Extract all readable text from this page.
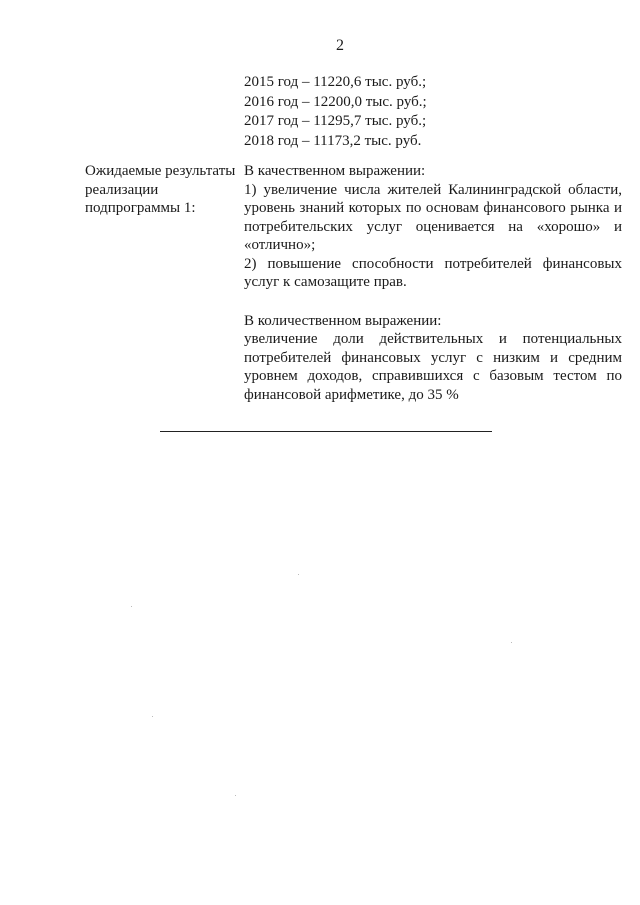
2
2015 год – 11220,6 тыс. руб.;
2016 год – 12200,0 тыс. руб.;
2017 год – 11295,7 тыс. руб.;
2018 год – 11173,2 тыс. руб.
Ожидаемые результаты реализации подпрограммы 1:

В качественном выражении:

1) увеличение числа жителей Калининградской области, уровень знаний которых по основам финансового рынка и потребительских услуг оценивается на «хорошо» и «отлично»;

2) повышение способности потребителей финансовых услуг к самозащите прав.

В количественном выражении:

увеличение доли действительных и потенциальных потребителей финансовых услуг с низким и средним уровнем доходов, справившихся с базовым тестом по финансовой арифметике, до 35 %
